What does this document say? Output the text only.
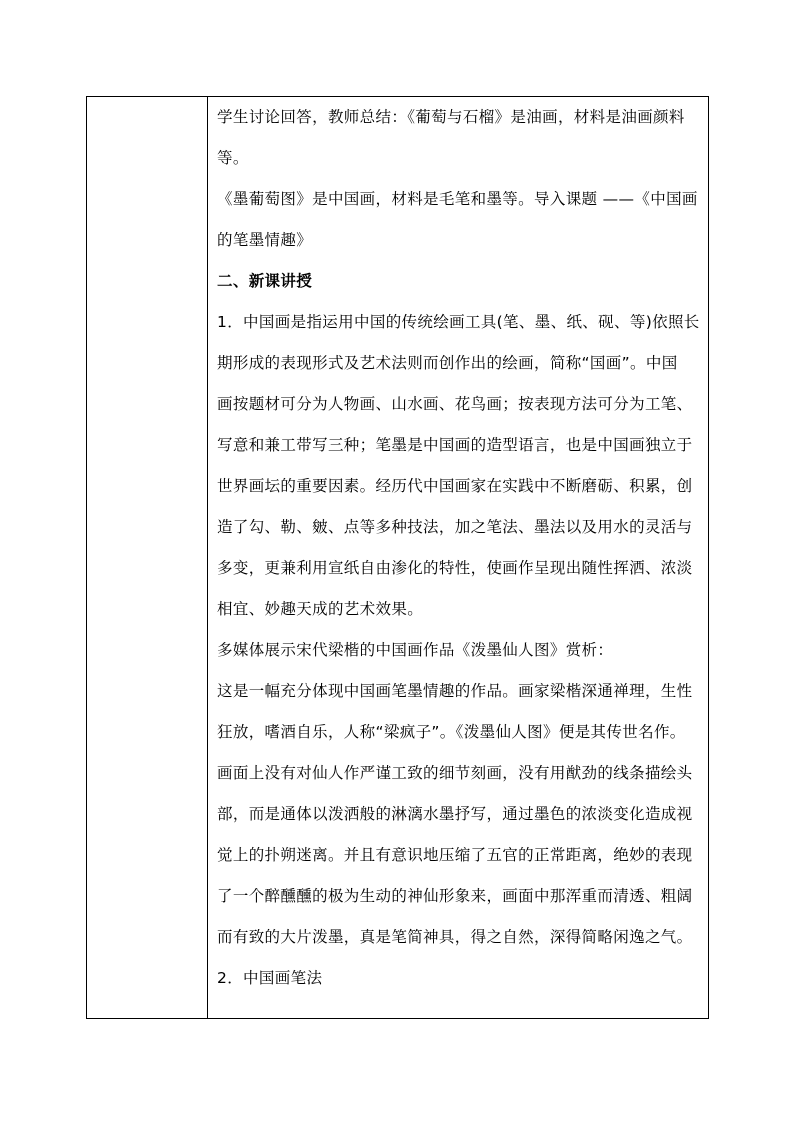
学生讨论回答，教师总结：《葡萄与石榴》是油画，材料是油画颜料
等。
《墨葡萄图》是中国画，材料是毛笔和墨等。导入课题 ——《中国画
的笔墨情趣》
二、新课讲授
1．中国画是指运用中国的传统绘画工具(笔、墨、纸、砚、等)依照长
期形成的表现形式及艺术法则而创作出的绘画，简称“国画”。中国
画按题材可分为人物画、山水画、花鸟画；按表现方法可分为工笔、
写意和兼工带写三种；笔墨是中国画的造型语言，也是中国画独立于
世界画坛的重要因素。经历代中国画家在实践中不断磨砺、积累，创
造了勾、勒、皴、点等多种技法，加之笔法、墨法以及用水的灵活与
多变，更兼利用宣纸自由渗化的特性，使画作呈现出随性挥洒、浓淡
相宜、妙趣天成的艺术效果。
多媒体展示宋代梁楷的中国画作品《泼墨仙人图》赏析：
这是一幅充分体现中国画笔墨情趣的作品。画家梁楷深通禅理，生性
狂放，嗜酒自乐，人称“梁疯子”。《泼墨仙人图》便是其传世名作。
画面上没有对仙人作严谨工致的细节刻画，没有用猷劲的线条描绘头
部，而是通体以泼洒般的淋漓水墨抒写，通过墨色的浓淡变化造成视
觉上的扑朔迷离。并且有意识地压缩了五官的正常距离，绝妙的表现
了一个醉醺醺的极为生动的神仙形象来，画面中那浑重而清透、粗阔
而有致的大片泼墨，真是笔简神具，得之自然，深得简略闲逸之气。
2．中国画笔法
